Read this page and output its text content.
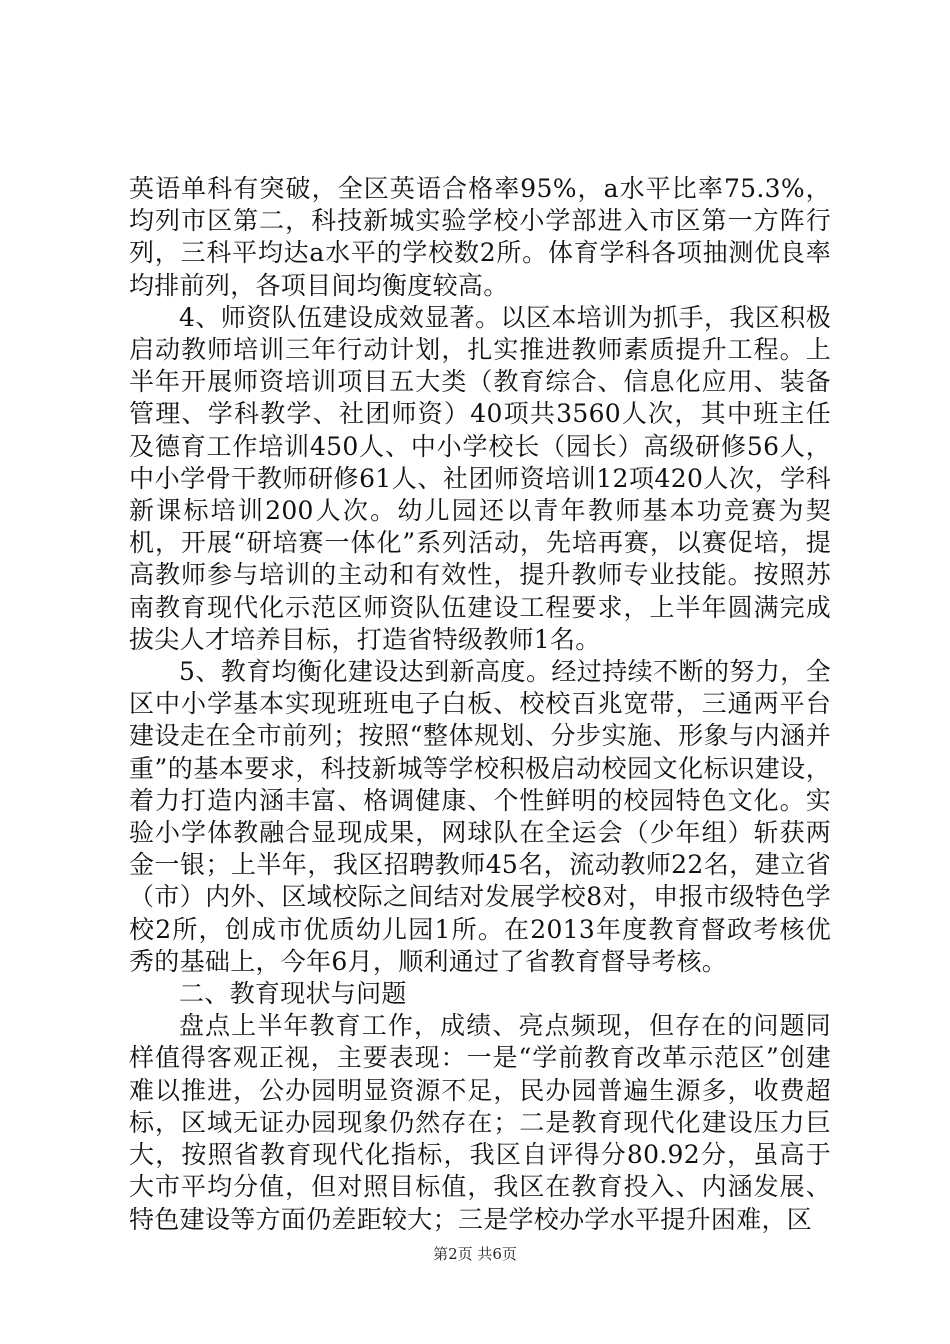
英语单科有突破，全区英语合格率95%，a水平比率75.3%，均列市区第二，科技新城实验学校小学部进入市区第一方阵行列，三科平均达a水平的学校数2所。体育学科各项抽测优良率均排前列，各项目间均衡度较高。

4、师资队伍建设成效显著。以区本培训为抓手，我区积极启动教师培训三年行动计划，扎实推进教师素质提升工程。上半年开展师资培训项目五大类（教育综合、信息化应用、装备管理、学科教学、社团师资）40项共3560人次，其中班主任及德育工作培训450人、中小学校长（园长）高级研修56人，中小学骨干教师研修61人、社团师资培训12项420人次，学科新课标培训200人次。幼儿园还以青年教师基本功竞赛为契机，开展“研培赛一体化”系列活动，先培再赛，以赛促培，提高教师参与培训的主动和有效性，提升教师专业技能。按照苏南教育现代化示范区师资队伍建设工程要求，上半年圆满完成拔尖人才培养目标，打造省特级教师1名。

5、教育均衡化建设达到新高度。经过持续不断的努力，全区中小学基本实现班班电子白板、校校百兆宽带，三通两平台建设走在全市前列；按照“整体规划、分步实施、形象与内涵并重”的基本要求，科技新城等学校积极启动校园文化标识建设，着力打造内涵丰富、格调健康、个性鲜明的校园特色文化。实验小学体教融合显现成果，网球队在全运会（少年组）斩获两金一银；上半年，我区招聘教师45名，流动教师22名，建立省（市）内外、区域校际之间结对发展学校8对，申报市级特色学校2所，创成市优质幼儿园1所。在2013年度教育督政考核优秀的基础上，今年6月，顺利通过了省教育督导考核。

二、教育现状与问题

盘点上半年教育工作，成绩、亮点频现，但存在的问题同样值得客观正视，主要表现：一是“学前教育改革示范区”创建难以推进，公办园明显资源不足，民办园普遍生源多，收费超标，区域无证办园现象仍然存在；二是教育现代化建设压力巨大，按照省教育现代化指标，我区自评得分80.92分，虽高于大市平均分值，但对照目标值，我区在教育投入、内涵发展、特色建设等方面仍差距较大；三是学校办学水平提升困难，区

第2页 共6页
